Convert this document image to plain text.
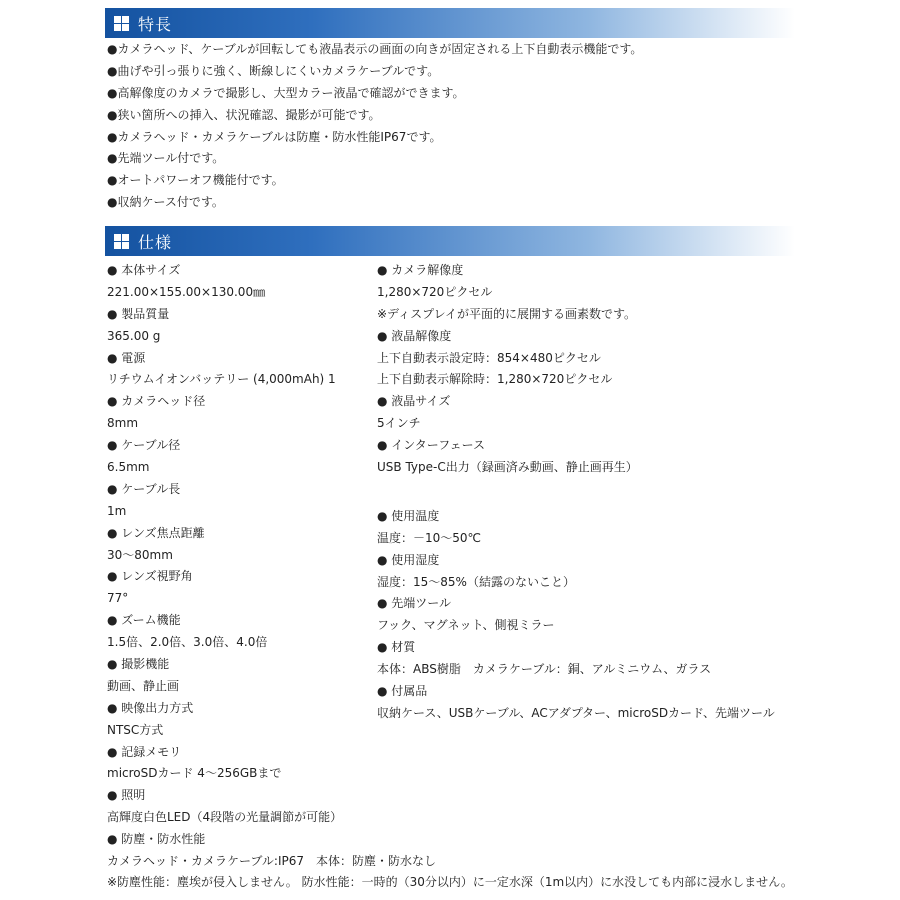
特長
●カメラヘッド、ケーブルが回転しても液晶表示の画面の向きが固定される上下自動表示機能です。
●曲げや引っ張りに強く、断線しにくいカメラケーブルです。
●高解像度のカメラで撮影し、大型カラー液晶で確認ができます。
●狭い箇所への挿入、状況確認、撮影が可能です。
●カメラヘッド・カメラケーブルは防塵・防水性能IP67です。
●先端ツール付です。
●オートパワーオフ機能付です。
●収納ケース付です。
仕様
● 本体サイズ
221.00×155.00×130.00㎜
● 製品質量
365.00 g
● 電源
リチウムイオンバッテリー (4,000mAh) 1
● カメラヘッド径
8mm
● ケーブル径
6.5mm
● ケーブル長
1m
● レンズ焦点距離
30～80mm
● レンズ視野角
77°
● ズーム機能
1.5倍、2.0倍、3.0倍、4.0倍
● 撮影機能
動画、静止画
● 映像出力方式
NTSC方式
● 記録メモリ
microSDカード 4～256GBまで
● 照明
高輝度白色LED（4段階の光量調節が可能）
● 防塵・防水性能
カメラヘッド・カメラケーブル:IP67　本体：防塵・防水なし
● カメラ解像度
1,280×720ピクセル
※ディスプレイが平面的に展開する画素数です。
● 液晶解像度
上下自動表示設定時：854×480ピクセル
上下自動表示解除時：1,280×720ピクセル
● 液晶サイズ
5インチ
● インターフェース
USB Type-C出力（録画済み動画、静止画再生）
● 使用温度
温度：－10～50℃
● 使用湿度
湿度：15～85%（結露のないこと）
● 先端ツール
フック、マグネット、側視ミラー
● 材質
本体：ABS樹脂　カメラケーブル：銅、アルミニウム、ガラス
● 付属品
収納ケース、USBケーブル、ACアダプター、microSDカード、先端ツール
※防塵性能：塵埃が侵入しません。 防水性能：一時的（30分以内）に一定水深（1m以内）に水没しても内部に浸水しません。
